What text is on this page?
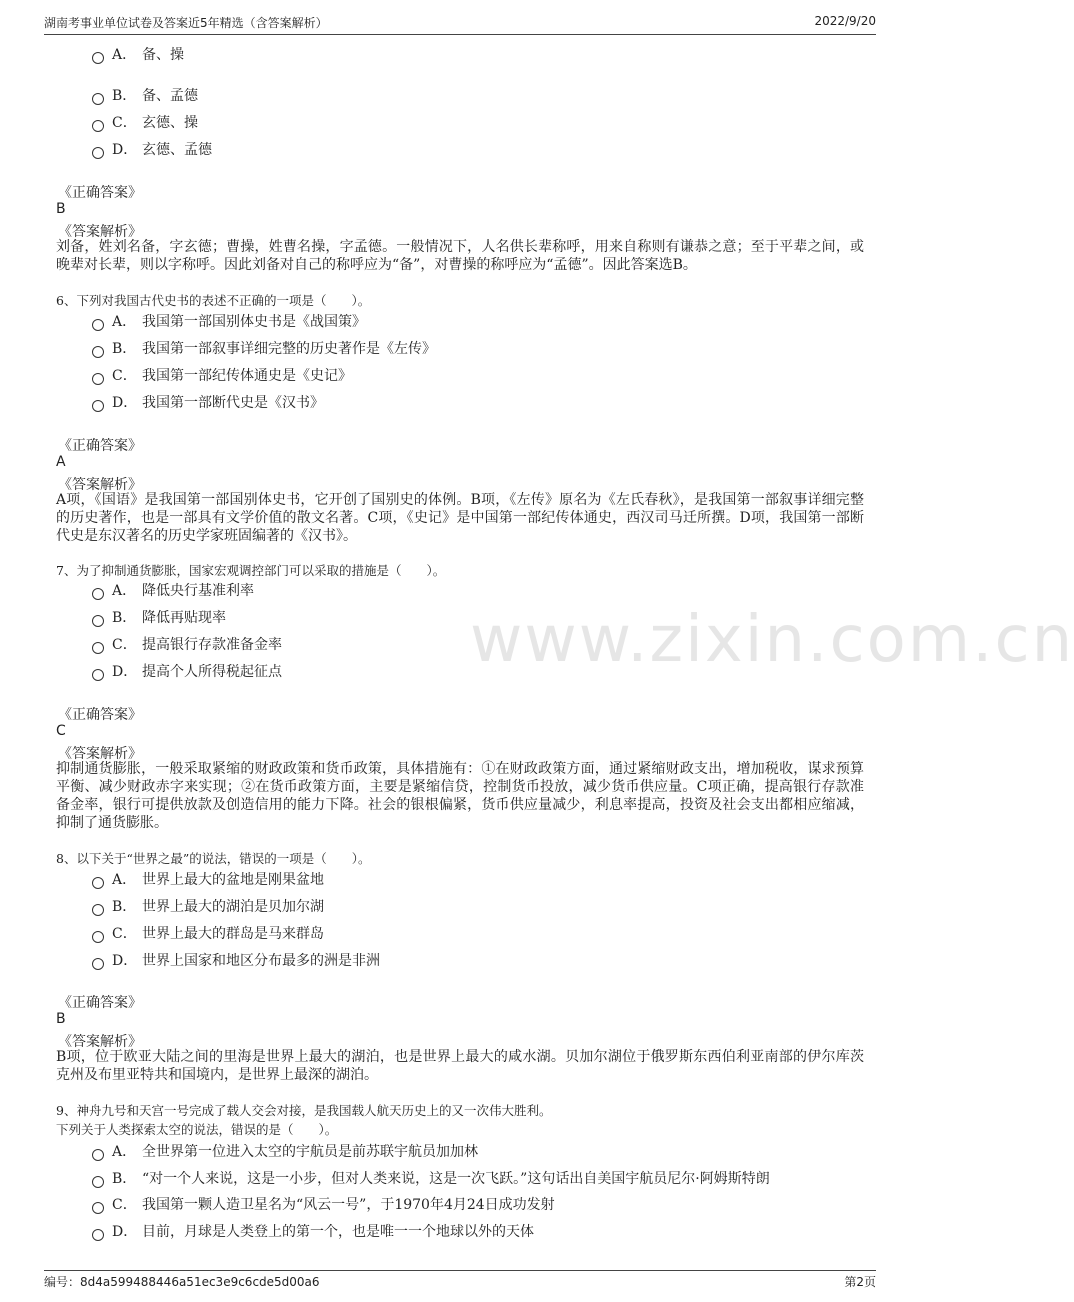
湖南考事业单位试卷及答案近5年精选（含答案解析）	2022/9/20
www.zixin.com.cn
A． 备、操
B． 备、孟德
C． 玄德、操
D． 玄德、孟德
《正确答案》
B
《答案解析》
刘备，姓刘名备，字玄德；曹操，姓曹名操，字孟德。一般情况下，人名供长辈称呼，用来自称则有谦恭之意；至于平辈之间，或晚辈对长辈，则以字称呼。因此刘备对自己的称呼应为“备”，对曹操的称呼应为“孟德”。因此答案选B。
6、下列对我国古代史书的表述不正确的一项是（　　）。
A． 我国第一部国别体史书是《战国策》
B． 我国第一部叙事详细完整的历史著作是《左传》
C． 我国第一部纪传体通史是《史记》
D． 我国第一部断代史是《汉书》
《正确答案》
A
《答案解析》
A项，《国语》是我国第一部国别体史书，它开创了国别史的体例。B项，《左传》原名为《左氏春秋》，是我国第一部叙事详细完整的历史著作，也是一部具有文学价值的散文名著。C项，《史记》是中国第一部纪传体通史，西汉司马迁所撰。D项，我国第一部断代史是东汉著名的历史学家班固编著的《汉书》。
7、为了抑制通货膨胀，国家宏观调控部门可以采取的措施是（　　）。
A． 降低央行基准利率
B． 降低再贴现率
C． 提高银行存款准备金率
D． 提高个人所得税起征点
《正确答案》
C
《答案解析》
抑制通货膨胀，一般采取紧缩的财政政策和货币政策，具体措施有：①在财政政策方面，通过紧缩财政支出，增加税收，谋求预算平衡、减少财政赤字来实现；②在货币政策方面，主要是紧缩信贷，控制货币投放，减少货币供应量。C项正确，提高银行存款准备金率，银行可提供放款及创造信用的能力下降。社会的银根偏紧，货币供应量减少，利息率提高，投资及社会支出都相应缩减，抑制了通货膨胀。
8、以下关于“世界之最”的说法，错误的一项是（　　）。
A． 世界上最大的盆地是刚果盆地
B． 世界上最大的湖泊是贝加尔湖
C． 世界上最大的群岛是马来群岛
D． 世界上国家和地区分布最多的洲是非洲
《正确答案》
B
《答案解析》
B项，位于欧亚大陆之间的里海是世界上最大的湖泊，也是世界上最大的咸水湖。贝加尔湖位于俄罗斯东西伯利亚南部的伊尔库茨克州及布里亚特共和国境内，是世界上最深的湖泊。
9、神舟九号和天宫一号完成了载人交会对接，是我国载人航天历史上的又一次伟大胜利。
下列关于人类探索太空的说法，错误的是（　　）。
A． 全世界第一位进入太空的宇航员是前苏联宇航员加加林
B． “对一个人来说，这是一小步，但对人类来说，这是一次飞跃。”这句话出自美国宇航员尼尔·阿姆斯特朗
C． 我国第一颗人造卫星名为“风云一号”，于1970年4月24日成功发射
D． 目前，月球是人类登上的第一个，也是唯一一个地球以外的天体
编号：8d4a599488446a51ec3e9c6cde5d00a6	第2页
